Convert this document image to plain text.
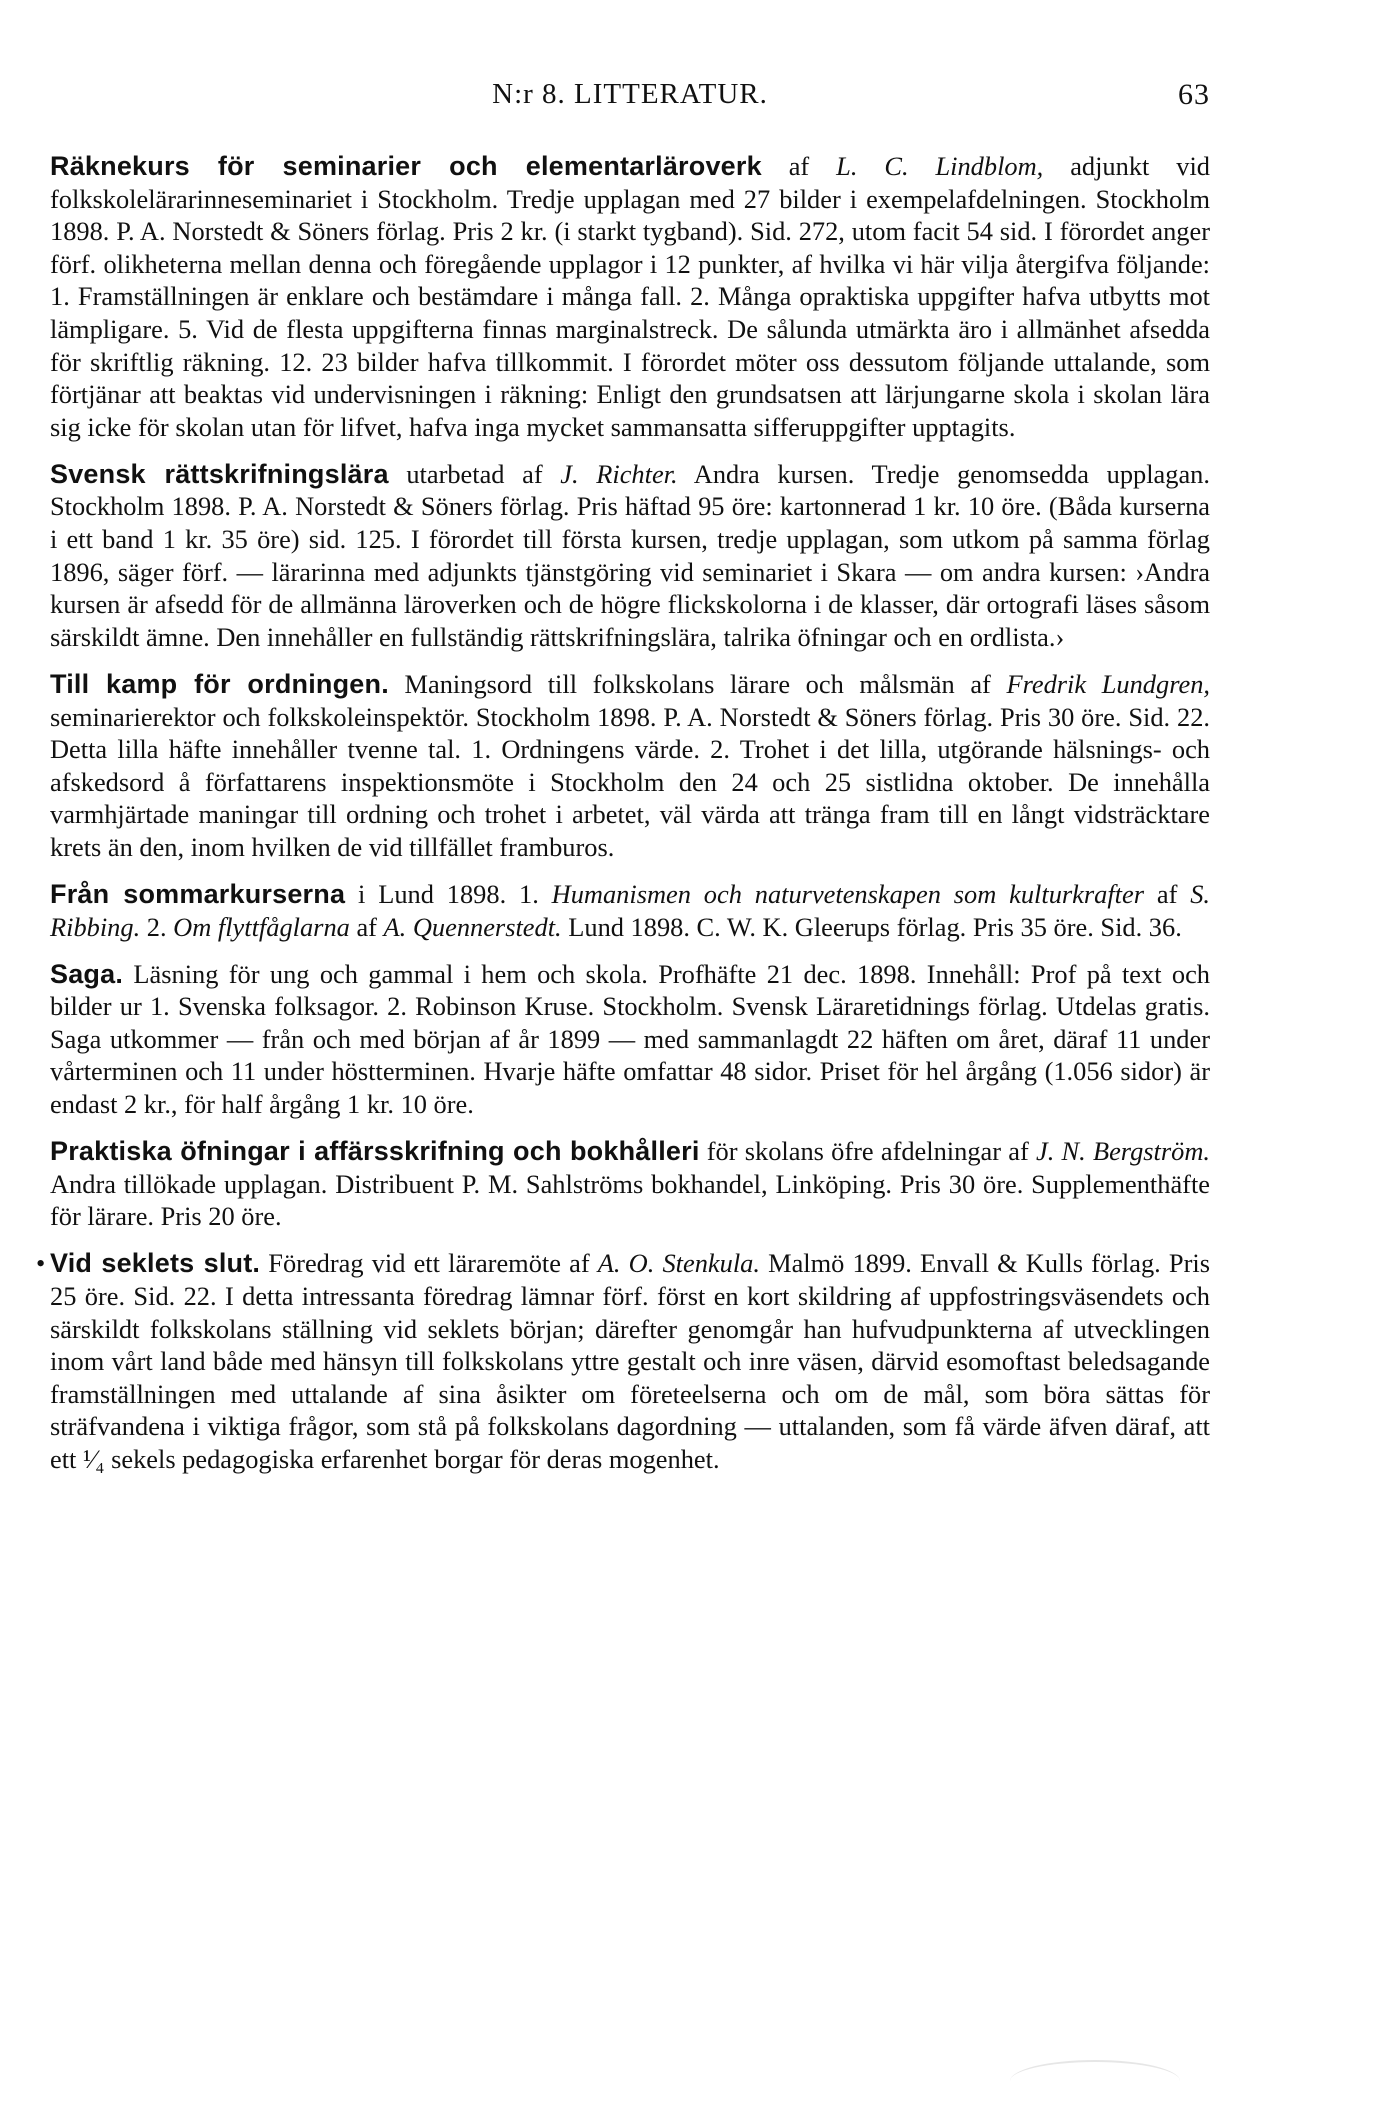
N:r 8. LITTERATUR.	63

Räknekurs för seminarier och elementarläroverk af L. C. Lindblom, adjunkt vid folkskolelärarinneseminariet i Stockholm. Tredje upplagan med 27 bilder i exempelafdelningen. Stockholm 1898. P. A. Norstedt & Söners förlag. Pris 2 kr. (i starkt tygband). Sid. 272, utom facit 54 sid. I förordet anger förf. olikheterna mellan denna och föregående upplagor i 12 punkter, af hvilka vi här vilja återgifva följande: 1. Framställningen är enklare och bestämdare i många fall. 2. Många opraktiska uppgifter hafva utbytts mot lämpligare. 5. Vid de flesta uppgifterna finnas marginalstreck. De sålunda utmärkta äro i allmänhet afsedda för skriftlig räkning. 12. 23 bilder hafva tillkommit. I förordet möter oss dessutom följande uttalande, som förtjänar att beaktas vid undervisningen i räkning: Enligt den grundsatsen att lärjungarne skola i skolan lära sig icke för skolan utan för lifvet, hafva inga mycket sammansatta sifferuppgifter upptagits.

Svensk rättskrifningslära utarbetad af J. Richter. Andra kursen. Tredje genomsedda upplagan. Stockholm 1898. P. A. Norstedt & Söners förlag. Pris häftad 95 öre: kartonnerad 1 kr. 10 öre. (Båda kurserna i ett band 1 kr. 35 öre) sid. 125. I förordet till första kursen, tredje upplagan, som utkom på samma förlag 1896, säger förf. — lärarinna med adjunkts tjänstgöring vid seminariet i Skara — om andra kursen: ›Andra kursen är afsedd för de allmänna läroverken och de högre flickskolorna i de klasser, där ortografi läses såsom särskildt ämne. Den innehåller en fullständig rättskrifningslära, talrika öfningar och en ordlista.›

Till kamp för ordningen. Maningsord till folkskolans lärare och målsmän af Fredrik Lundgren, seminarierektor och folkskoleinspektör. Stockholm 1898. P. A. Norstedt & Söners förlag. Pris 30 öre. Sid. 22. Detta lilla häfte innehåller tvenne tal. 1. Ordningens värde. 2. Trohet i det lilla, utgörande hälsnings- och afskedsord å författarens inspektionsmöte i Stockholm den 24 och 25 sistlidna oktober. De innehålla varmhjärtade maningar till ordning och trohet i arbetet, väl värda att tränga fram till en långt vidsträcktare krets än den, inom hvilken de vid tillfället framburos.

Från sommarkurserna i Lund 1898. 1. Humanismen och naturvetenskapen som kulturkrafter af S. Ribbing. 2. Om flyttfåglarna af A. Quennerstedt. Lund 1898. C. W. K. Gleerups förlag. Pris 35 öre. Sid. 36.

Saga. Läsning för ung och gammal i hem och skola. Profhäfte 21 dec. 1898. Innehåll: Prof på text och bilder ur 1. Svenska folksagor. 2. Robinson Kruse. Stockholm. Svensk Läraretidnings förlag. Utdelas gratis. Saga utkommer — från och med början af år 1899 — med sammanlagdt 22 häften om året, däraf 11 under vårterminen och 11 under höstterminen. Hvarje häfte omfattar 48 sidor. Priset för hel årgång (1.056 sidor) är endast 2 kr., för half årgång 1 kr. 10 öre.

Praktiska öfningar i affärsskrifning och bokhålleri för skolans öfre afdelningar af J. N. Bergström. Andra tillökade upplagan. Distribuent P. M. Sahlströms bokhandel, Linköping. Pris 30 öre. Supplementhäfte för lärare. Pris 20 öre.

• Vid seklets slut. Föredrag vid ett läraremöte af A. O. Stenkula. Malmö 1899. Envall & Kulls förlag. Pris 25 öre. Sid. 22. I detta intressanta föredrag lämnar förf. först en kort skildring af uppfostringsväsendets och särskildt folkskolans ställning vid seklets början; därefter genomgår han hufvudpunkterna af utvecklingen inom vårt land både med hänsyn till folkskolans yttre gestalt och inre väsen, därvid esomoftast beledsagande framställningen med uttalande af sina åsikter om företeelserna och om de mål, som böra sättas för sträfvandena i viktiga frågor, som stå på folkskolans dagordning — uttalanden, som få värde äfven däraf, att ett ¹⁄₄ sekels pedagogiska erfarenhet borgar för deras mogenhet.
